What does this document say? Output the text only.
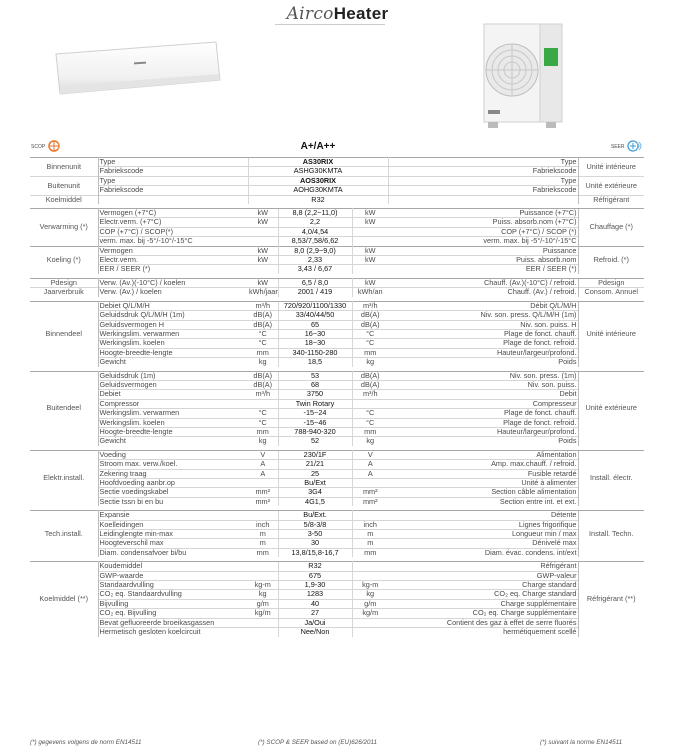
AircoHeater
SCOP	A+/A++	SEER
Binnenunit	Type	AS30RIX			Type	Unité intérieure
	Fabriekscode	ASHG30KMTA			Fabriekscode	
Buitenunit	Type	AOS30RIX			Type	Unité extérieure
	Fabriekscode	AOHG30KMTA			Fabriekscode	
Koelmiddel		R32				Réfrigérant

Verwarming (*)	Vermogen (+7°C)	kW	8,8 (2,2~11,0)	kW	Puissance (+7°C)	Chauffage (*)
	Electr.verm. (+7°C)	kW	2,2	kW	Puiss. absorb.nom (+7°C)	
	COP (+7°C) / SCOP(*)		4,0/4,54		COP (+7°C) / SCOP (*)	
	verm. max. bij -5°/-10°/-15°C		8,53/7,58/6,62		verm. max. bij -5°/-10°/-15°C	
Koeling (*)	Vermogen	kW	8,0 (2,9~9,0)	kW	Puissance	Refroid. (*)
	Electr.verm.	kW	2,33	kW	Puiss. absorb.nom	
	EER / SEER (*)		3,43 / 6,67		EER / SEER (*)	

Pdesign	Verw. (Av.)(-10°C) / koelen	kW	6,5 / 8,0	kW	Chauff. (Av.)(-10°C) / refroid.	Pdesign
Jaarverbruik	Verw. (Av.) / koelen	kWh/jaar	2001 / 419	kWh/an	Chauff. (Av.) / refroid.	Consom. Annuel

Binnendeel	Debiet Q/L/M/H	m³/h	720/920/1100/1330	m³/h	Débit Q/L/M/H	Unité intérieure
	Geluidsdruk Q/L/M/H (1m)	dB(A)	33/40/44/50	dB(A)	Niv. son. press. Q/L/M/H (1m)	
	Geluidsvermogen H	dB(A)	65	dB(A)	Niv. son. puiss. H	
	Werkingslim. verwarmen	°C	16~30	°C	Plage de fonct. chauff.	
	Werkingslim. koelen	°C	18~30	°C	Plage de fonct. refroid.	
	Hoogte-breedte-lengte	mm	340-1150-280	mm	Hauteur/largeur/profond.	
	Gewicht	kg	18,5	kg	Poids	

Buitendeel	Geluidsdruk (1m)	dB(A)	53	dB(A)	Niv. son. press. (1m)	Unité extérieure
	Geluidsvermogen	dB(A)	68	dB(A)	Niv. son. puiss.	
	Debiet	m³/h	3750	m³/h	Debit	
	Compressor		Twin Rotary		Compresseur	
	Werkingslim. verwarmen	°C	-15~24	°C	Plage de fonct. chauff.	
	Werkingslim. koelen	°C	-15~46	°C	Plage de fonct. refroid.	
	Hoogte-breedte-lengte	mm	788-940-320	mm	Hauteur/largeur/profond.	
	Gewicht	kg	52	kg	Poids	

Elektr.install.	Voeding	V	230/1F	V	Alimentation	Install. électr.
	Stroom max. verw./koel.	A	21/21	A	Amp. max.chauff. / refroid.	
	Zekering traag	A	25	A	Fusible retardé	
	Hoofdvoeding aanbr.op		Bu/Ext		Unité à alimenter	
	Sectie voedingskabel	mm²	3G4	mm²	Section câble alimentation	
	Sectie tssn bi en bu	mm²	4G1,5	mm²	Section entre int. et ext.	

Tech.install.	Expansie		Bu/Ext.		Détente	Install. Techn.
	Koelleidingen	inch	5/8-3/8	inch	Lignes frigorifique	
	Leidinglengte min-max	m	3-50	m	Longueur min / max	
	Hoogteverschil max	m	30	m	Dénivelé max	
	Diam. condensafvoer bi/bu	mm	13,8/15,8-16,7	mm	Diam. évac. condens. int/ext	

Koelmiddel (**)	Koudemiddel		R32		Réfrigérant	Réfrigérant (**)
	GWP-waarde		675		GWP-valeur	
	Standaardvulling	kg-m	1,9-30	kg-m	Charge standard	
	CO₂ eq. Standaardvulling	kg	1283	kg	CO₂ eq. Charge standard	
	Bijvulling	g/m	40	g/m	Charge supplémentaire	
	CO₂ eq. Bijvulling	kg/m	27	kg/m	CO₂ eq. Charge supplémentaire	
	Bevat gefluoreerde broeikasgassen		Ja/Oui		Contient des gaz à effet de serre fluorés	
	Hermetisch gesloten koelcircuit		Nee/Non		hermétiquement scellé	
(*) gegevens volgens de norm EN14511	(*) SCOP & SEER based on (EU)626/2011	(*) suivant la norme EN14511
